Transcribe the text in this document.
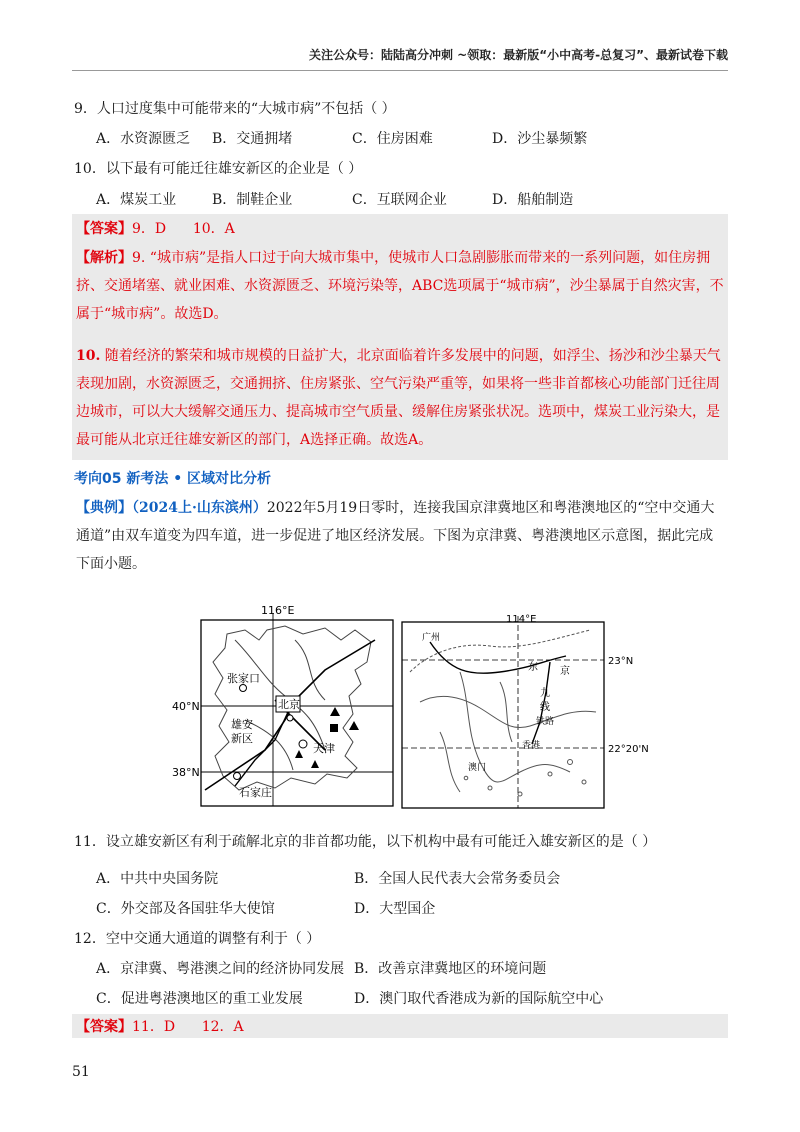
关注公众号：陆陆高分冲刺 ~领取：最新版“小中高考-总复习”、最新试卷下载
9．人口过度集中可能带来的“大城市病”不包括（ ）
A．水资源匮乏 B．交通拥堵	C．住房困难	D．沙尘暴频繁
10．以下最有可能迁往雄安新区的企业是（ ）
A．煤炭工业	B．制鞋企业	C．互联网企业	D．船舶制造
【答案】9．D      10．A
【解析】9. “城市病”是指人口过于向大城市集中，使城市人口急剧膨胀而带来的一系列问题，如住房拥挤、交通堵塞、就业困难、水资源匮乏、环境污染等，ABC选项属于“城市病”，沙尘暴属于自然灾害，不属于“城市病”。故选D。
10. 随着经济的繁荣和城市规模的日益扩大，北京面临着许多发展中的问题，如浮尘、扬沙和沙尘暴天气表现加剧，水资源匮乏，交通拥挤、住房紧张、空气污染严重等，如果将一些非首都核心功能部门迁往周边城市，可以大大缓解交通压力、提高城市空气质量、缓解住房紧张状况。选项中，煤炭工业污染大，是最可能从北京迁往雄安新区的部门，A选择正确。故选A。
考向05 新考法 • 区域对比分析
【典例】（2024上·山东滨州）2022年5月19日零时，连接我国京津冀地区和粤港澳地区的“空中交通大通道”由双车道变为四车道，进一步促进了地区经济发展。下图为京津冀、粤港澳地区示意图，据此完成下面小题。
116°E
40°N
38°N
张家口
北京
雄安
新区
天津
石家庄
114°E
23°N
22°20'N
广州
东
九
线
铁路
京
香港
澳门
11．设立雄安新区有利于疏解北京的非首都功能，以下机构中最有可能迁入雄安新区的是（ ）
A．中共中央国务院	B．全国人民代表大会常务委员会
C．外交部及各国驻华大使馆	D．大型国企
12．空中交通大通道的调整有利于（ ）
A．京津冀、粤港澳之间的经济协同发展 B．改善京津冀地区的环境问题
C．促进粤港澳地区的重工业发展	D．澳门取代香港成为新的国际航空中心
【答案】11．D      12．A
51
